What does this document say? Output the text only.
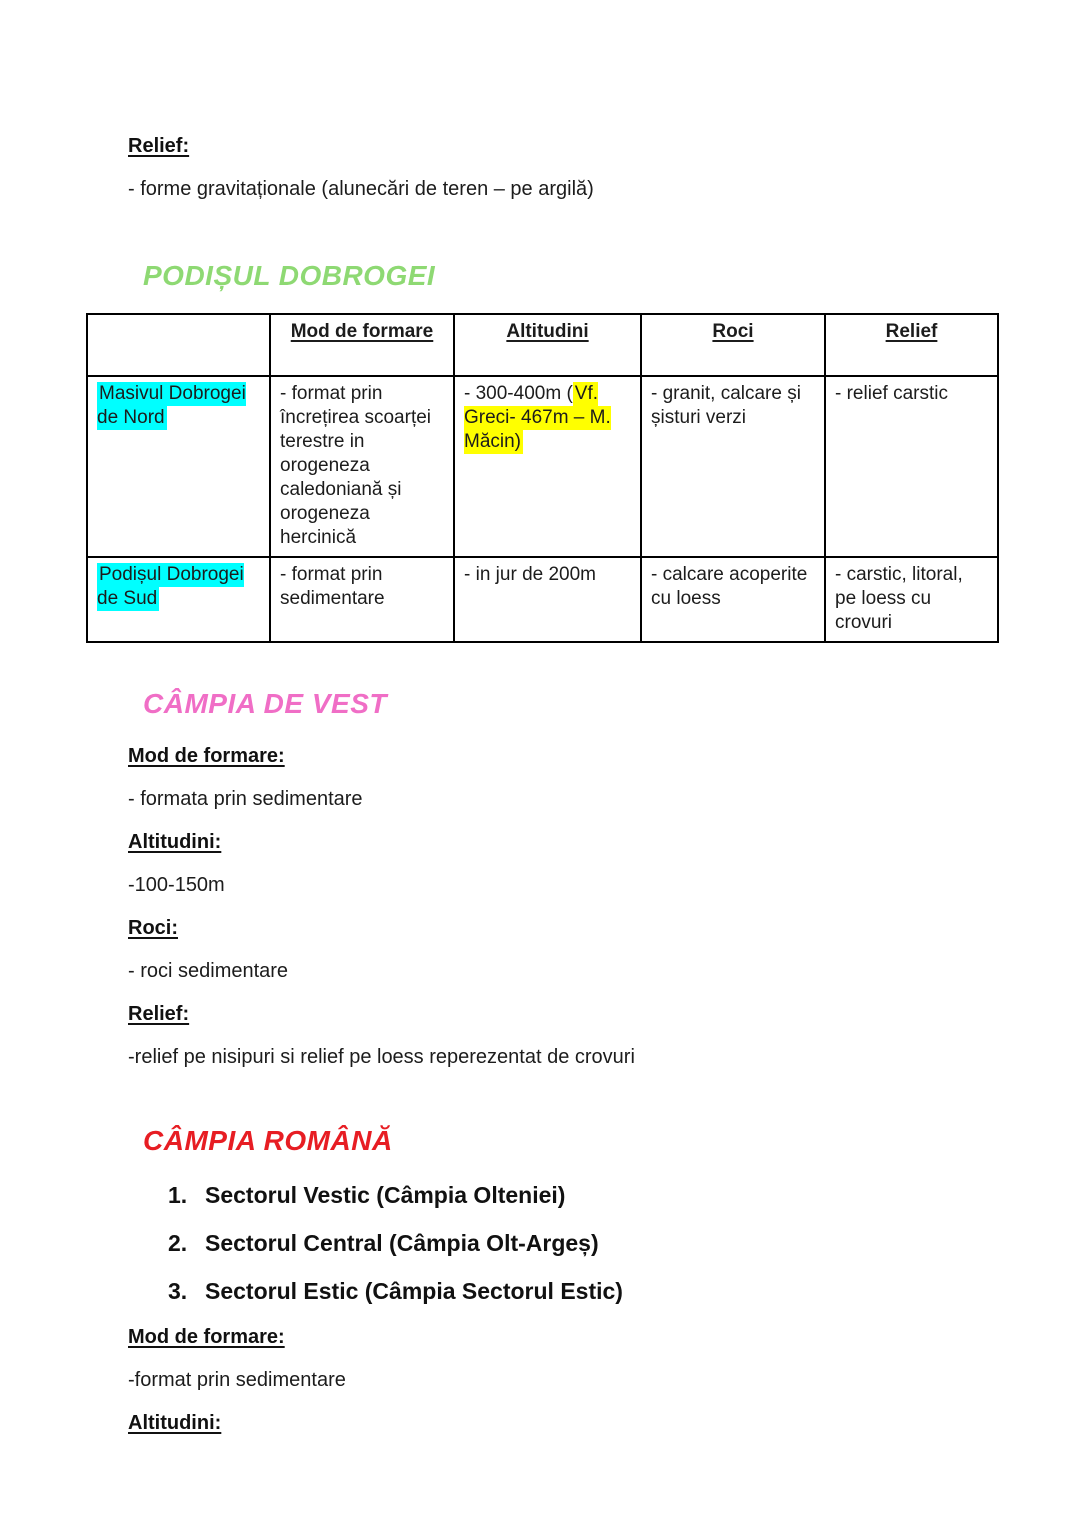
Relief:
- forme gravitaționale (alunecări de teren – pe argilă)
PODIȘUL DOBROGEI
	Mod de formare	Altitudini	Roci	Relief
Masivul Dobrogei de Nord	- format prin încrețirea scoarței terestre in orogeneza caledoniană și orogeneza hercinică	- 300-400m ( Vf. Greci- 467m – M. Măcin)	- granit, calcare și șisturi verzi	- relief carstic
Podișul Dobrogei de Sud	- format prin sedimentare	- in jur de 200m	- calcare acoperite cu loess	- carstic, litoral, pe loess cu crovuri
CÂMPIA DE VEST
Mod de formare:
- formata prin sedimentare
Altitudini:
-100-150m
Roci:
- roci sedimentare
Relief:
-relief pe nisipuri si relief pe loess reperezentat de crovuri
CÂMPIA ROMÂNĂ
1. Sectorul Vestic (Câmpia Olteniei)
2. Sectorul Central (Câmpia Olt-Argeș)
3. Sectorul Estic (Câmpia Sectorul Estic)
Mod de formare:
-format prin sedimentare
Altitudini:
